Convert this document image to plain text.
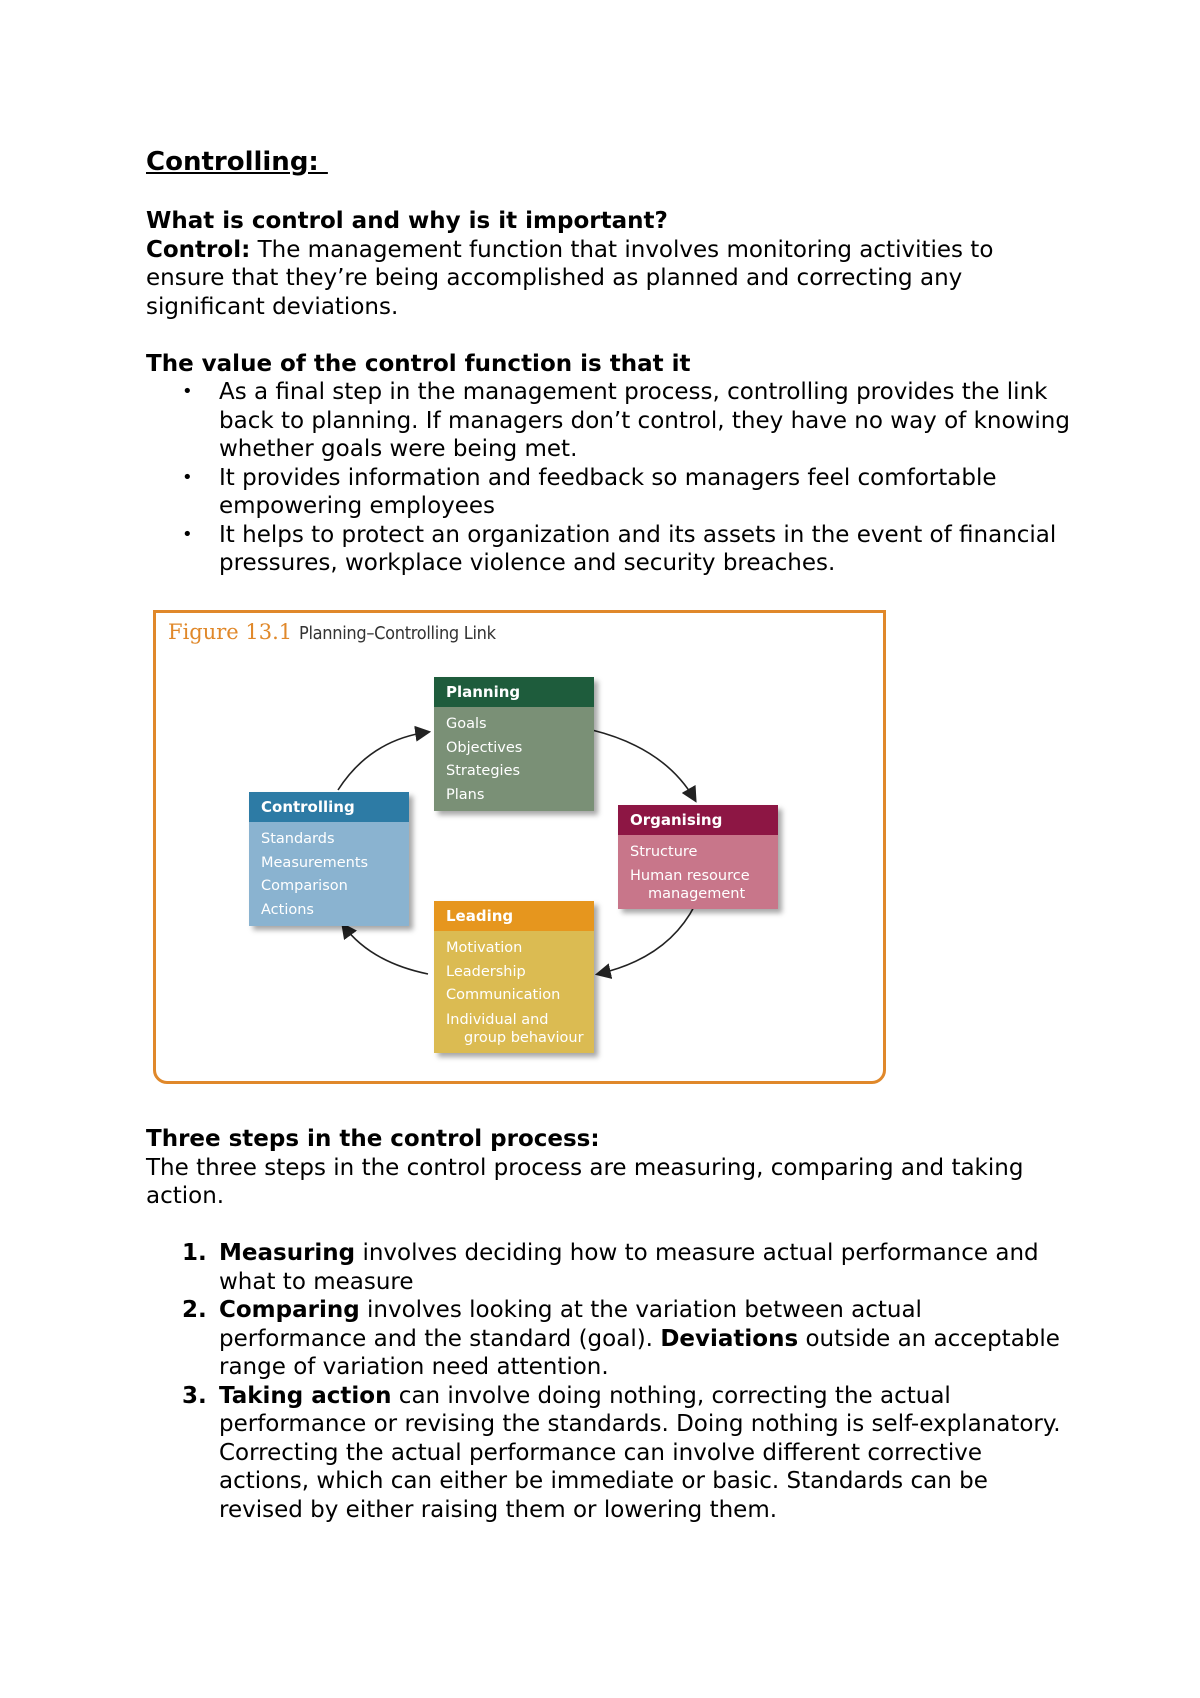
Controlling:
What is control and why is it important?
Control: The management function that involves monitoring activities to ensure that they’re being accomplished as planned and correcting any significant deviations.
The value of the control function is that it
• As a final step in the management process, controlling provides the link back to planning. If managers don’t control, they have no way of knowing whether goals were being met.
• It provides information and feedback so managers feel comfortable empowering employees
• It helps to protect an organization and its assets in the event of financial pressures, workplace violence and security breaches.
Figure 13.1 Planning–Controlling Link
Planning
Goals
Objectives
Strategies
Plans
Organising
Structure
Human resource
management
Leading
Motivation
Leadership
Communication
Individual and
group behaviour
Controlling
Standards
Measurements
Comparison
Actions
Three steps in the control process:
The three steps in the control process are measuring, comparing and taking action.
1. Measuring involves deciding how to measure actual performance and what to measure
2. Comparing involves looking at the variation between actual performance and the standard (goal). Deviations outside an acceptable range of variation need attention.
3. Taking action can involve doing nothing, correcting the actual performance or revising the standards. Doing nothing is self-explanatory. Correcting the actual performance can involve different corrective actions, which can either be immediate or basic. Standards can be revised by either raising them or lowering them.
